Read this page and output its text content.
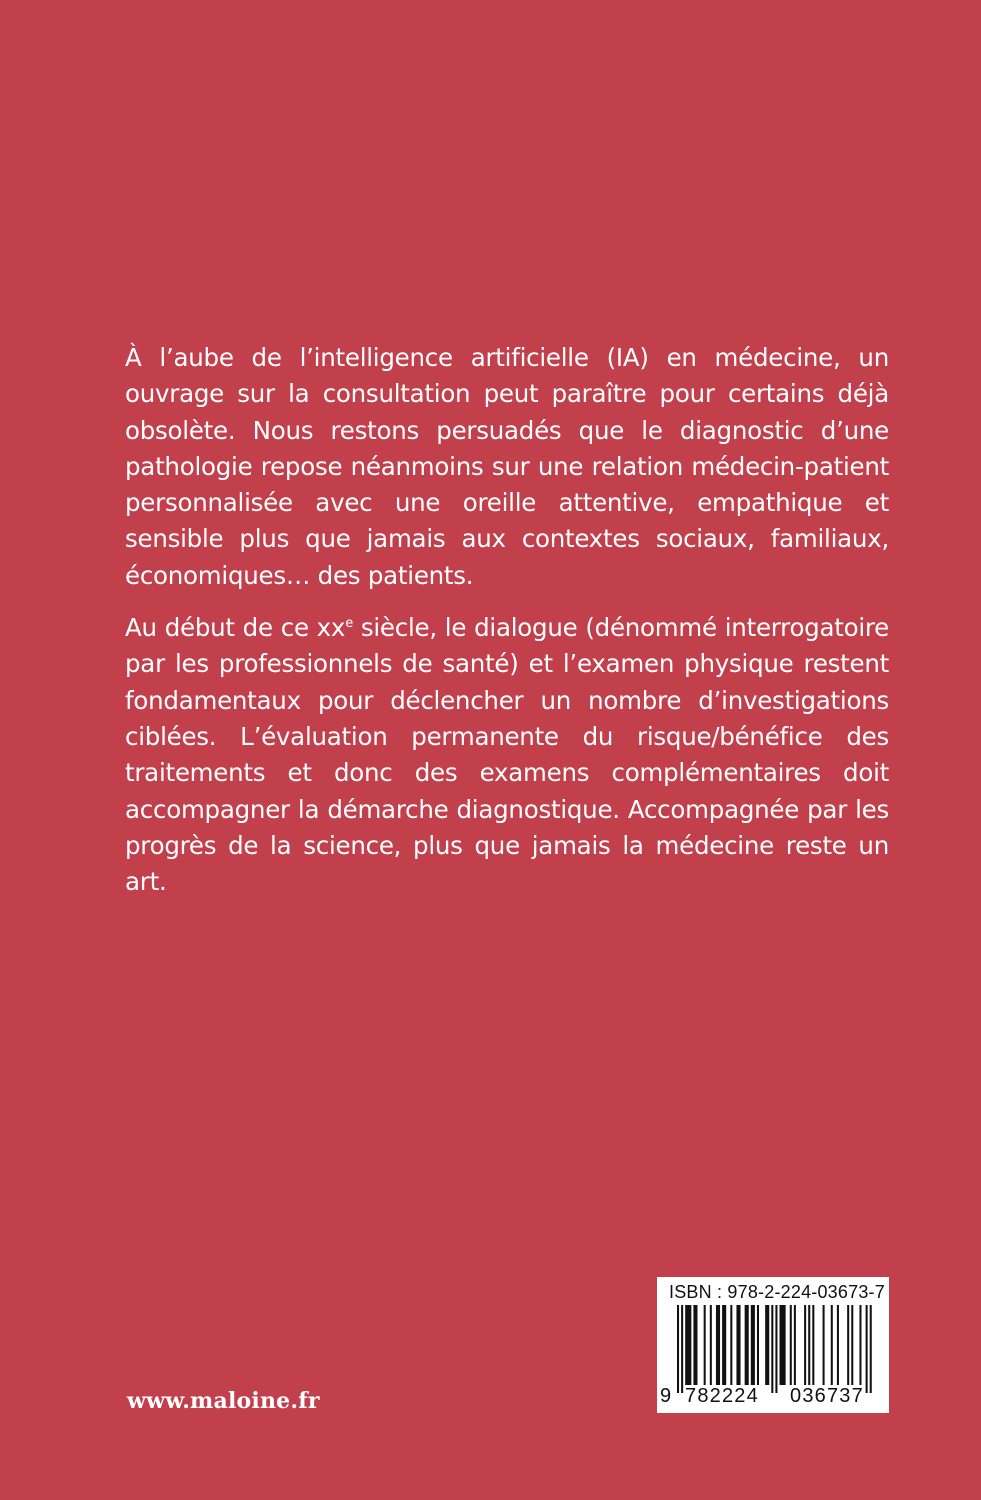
À l’aube de l’intelligence artificielle (IA) en médecine, un ouvrage sur la consultation peut paraître pour certains déjà obsolète. Nous restons persuadés que le diagnostic d’une pathologie repose néanmoins sur une relation médecin-patient personnalisée avec une oreille attentive, empathique et sensible plus que jamais aux contextes sociaux, familiaux, économiques… des patients.

Au début de ce $xx^e$ siècle, le dialogue (dénommé interrogatoire par les professionnels de santé) et l’examen physique restent fondamentaux pour déclencher un nombre d’investigations ciblées. L’évaluation permanente du risque/bénéfice des traitements et donc des examens complémentaires doit accompagner la démarche diagnostique. Accompagnée par les progrès de la science, plus que jamais la médecine reste un art.

www.maloine.fr
ISBN : 978-2-224-03673-7
9 782224 036737
